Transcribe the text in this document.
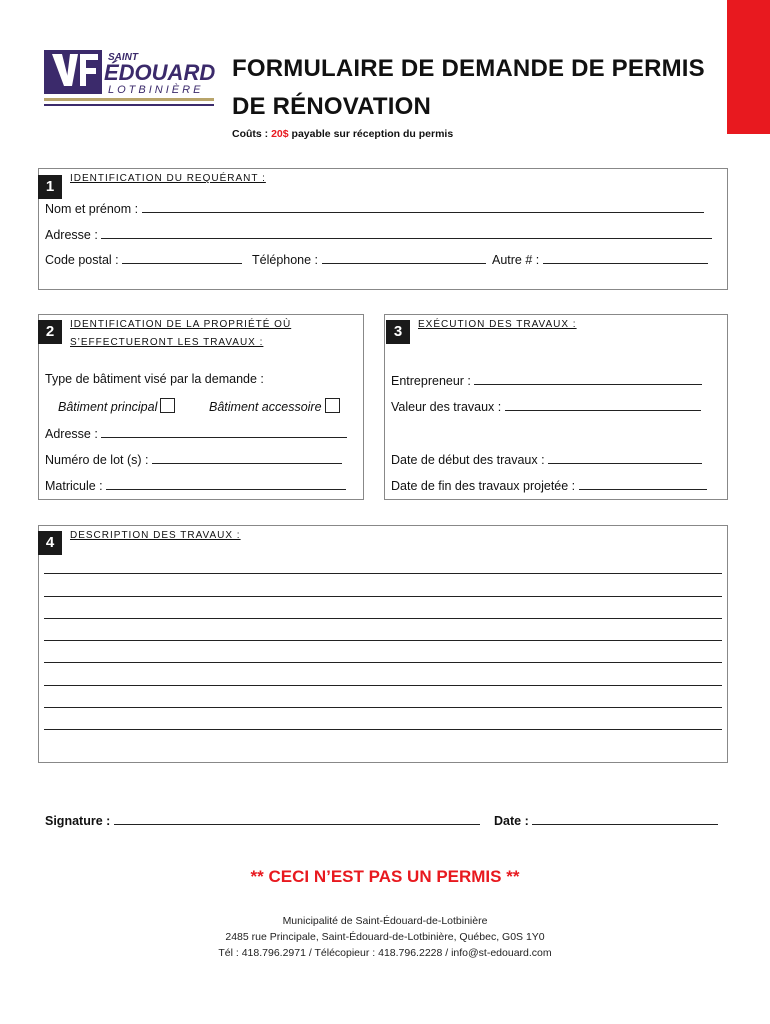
SAINT
ÉDOUARD
LOTBINIÈRE
FORMULAIRE DE DEMANDE DE PERMIS
DE RÉNOVATION
Coûts : 20$ payable sur réception du permis
1	IDENTIFICATION DU REQUÉRANT :
Nom et prénom :
Adresse :
Code postal :	Téléphone :	Autre # :
2	IDENTIFICATION DE LA PROPRIÉTÉ OÙ
S’EFFECTUERONT LES TRAVAUX :
Type de bâtiment visé par la demande :
Bâtiment principal	Bâtiment accessoire
Adresse :
Numéro de lot (s) :
Matricule :
3	EXÉCUTION DES TRAVAUX :
Entrepreneur :
Valeur des travaux :
Date de début des travaux :
Date de fin des travaux projetée :
4	DESCRIPTION DES TRAVAUX :
Signature :	Date :
** CECI N’EST PAS UN PERMIS **
Municipalité de Saint-Édouard-de-Lotbinière
2485 rue Principale, Saint-Édouard-de-Lotbinière, Québec, G0S 1Y0
Tél : 418.796.2971 / Télécopieur : 418.796.2228 / info@st-edouard.com
